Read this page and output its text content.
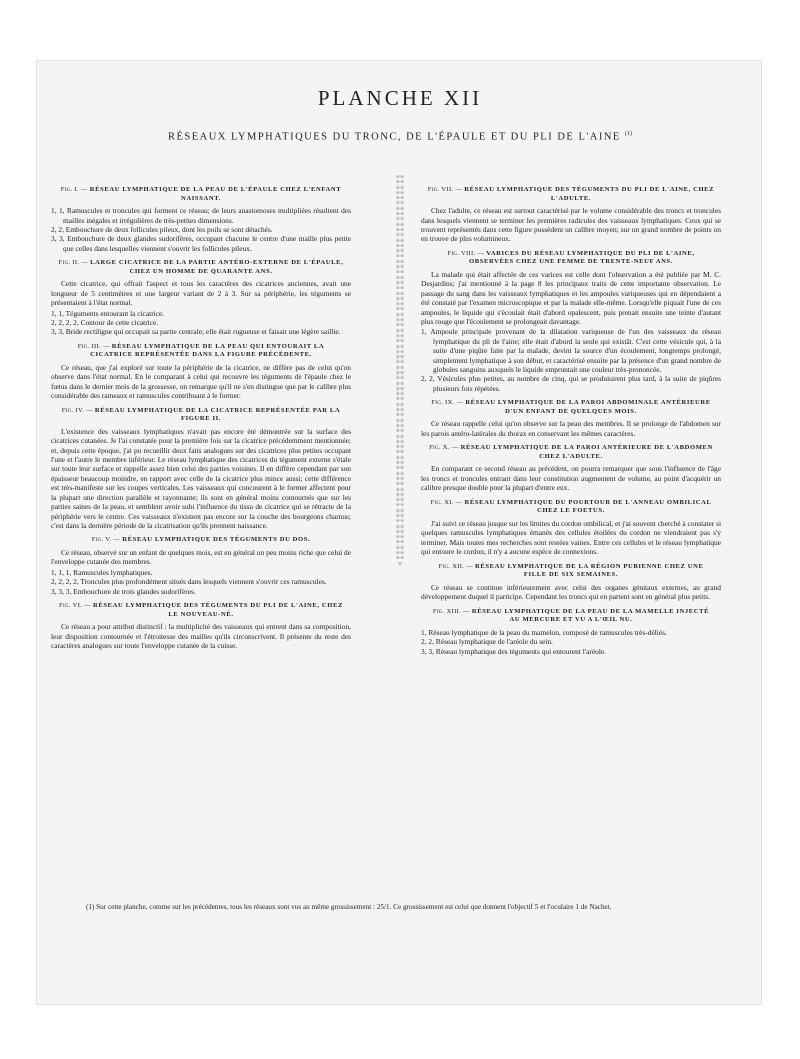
PLANCHE XII
RÉSEAUX LYMPHATIQUES DU TRONC, DE L'ÉPAULE ET DU PLI DE L'AINE $^{(1)}$
Fig. I. — RÉSEAU LYMPHATIQUE DE LA PEAU DE L'ÉPAULE CHEZ L'ENFANT NAISSANT.

1, 1, Ramuscules et troncules qui forment ce réseau; de leurs anastomoses multipliées résultent des mailles inégales et irrégulières de très-petites dimensions.

2, 2, Embouchure de deux follicules pileux, dont les poils se sont détachés.

3, 3, Embouchure de deux glandes sudorifères, occupant chacune le centre d'une maille plus petite que celles dans lesquelles viennent s'ouvrir les follicules pileux.

Fig. II. — LARGE CICATRICE DE LA PARTIE ANTÉRO-EXTERNE DE L'ÉPAULE, CHEZ UN HOMME DE QUARANTE ANS.

Cette cicatrice, qui offrait l'aspect et tous les caractères des cicatrices anciennes, avait une longueur de 5 centimètres et une largeur variant de 2 à 3. Sur sa périphérie, les téguments se présentaient à l'état normal.

1, 1, Téguments entourant la cicatrice.

2, 2, 2, 2, Contour de cette cicatrice.

3, 3, Bride rectiligne qui occupait sa partie centrale; elle était rugueuse et faisait une légère saillie.

Fig. III. — RÉSEAU LYMPHATIQUE DE LA PEAU QUI ENTOURAIT LA CICATRICE REPRÉSENTÉE DANS LA FIGURE PRÉCÉDENTE.

Ce réseau, que j'ai exploré sur toute la périphérie de la cicatrice, ne diffère pas de celui qu'on observe dans l'état normal. En le comparant à celui qui recouvre les téguments de l'épaule chez le fœtus dans le dernier mois de la grossesse, on remarque qu'il ne s'en distingue que par le calibre plus considérable des rameaux et ramuscules contribuant à le former.

Fig. IV. — RÉSEAU LYMPHATIQUE DE LA CICATRICE REPRÉSENTÉE PAR LA FIGURE II.

L'existence des vaisseaux lymphatiques n'avait pas encore été démontrée sur la surface des cicatrices cutanées. Je l'ai constatée pour la première fois sur la cicatrice précédemment mentionnée; et, depuis cette époque, j'ai pu recueillir deux faits analogues sur des cicatrices plus petites occupant l'une et l'autre le membre inférieur. Le réseau lymphatique des cicatrices du tégument externe s'étale sur toute leur surface et rappelle assez bien celui des parties voisines. Il en diffère cependant par son épaisseur beaucoup moindre, en rapport avec celle de la cicatrice plus mince aussi; cette différence est très-manifeste sur les coupes verticales. Les vaisseaux qui concourent à le former affectent pour la plupart une direction parallèle et rayonnante; ils sont en général moins contournés que sur les parties saines de la peau, et semblent avoir subi l'influence du tissu de cicatrice qui se rétracte de la périphérie vers le centre. Ces vaisseaux n'existent pas encore sur la couche des bourgeons charnus; c'est dans la dernière période de la cicatrisation qu'ils prennent naissance.

Fig. V. — RÉSEAU LYMPHATIQUE DES TÉGUMENTS DU DOS.

Ce réseau, observé sur un enfant de quelques mois, est en général un peu moins riche que celui de l'enveloppe cutanée des membres.

1, 1, 1, Ramuscules lymphatiques.

2, 2, 2, 2, Troncules plus profondément situés dans lesquels viennent s'ouvrir ces ramuscules.

3, 3, 3, Embouchure de trois glandes sudorifères.

Fig. VI. — RÉSEAU LYMPHATIQUE DES TÉGUMENTS DU PLI DE L'AINE, CHEZ LE NOUVEAU-NÉ.

Ce réseau a pour attribut distinctif : la multiplicité des vaisseaux qui entrent dans sa composition, leur disposition contournée et l'étroitesse des mailles qu'ils circonscrivent. Il présente du reste des caractères analogues sur toute l'enveloppe cutanée de la cuisse.

※※※※※※※※※※※※※※※※※※※※※※※※※※※※※※※※※※※※※※※※※※※※※※※※※※※※※※※※※※※※※※※※※※※※※※※※※※※※※※※※※※※※※※※※※※※※※※※※※※※※※※※※※※※※※※※※※※※※※※※※※※※※※※※※※※※※※※※※※※※※※※※※※※※
Fig. VII. — RÉSEAU LYMPHATIQUE DES TÉGUMENTS DU PLI DE L'AINE, CHEZ L'ADULTE.

Chez l'adulte, ce réseau est surtout caractérisé par le volume considérable des troncs et troncules dans lesquels viennent se terminer les premières radicules des vaisseaux lymphatiques. Ceux qui se trouvent représentés dans cette figure possèdent un calibre moyen; sur un grand nombre de points on en trouve de plus volumineux.

Fig. VIII. — VARICES DU RÉSEAU LYMPHATIQUE DU PLI DE L'AINE, OBSERVÉES CHEZ UNE FEMME DE TRENTE-NEUF ANS.

La malade qui était affectée de ces varices est celle dont l'observation a été publiée par M. C. Desjardins; j'ai mentionné à la page 8 les principaux traits de cette importante observation. Le passage du sang dans les vaisseaux lymphatiques et les ampoules variqueuses qui en dépendaient a été constaté par l'examen microscopique et par la malade elle-même. Lorsqu'elle piquait l'une de ces ampoules, le liquide qui s'écoulait était d'abord opalescent, puis prenait ensuite une teinte d'autant plus rouge que l'écoulement se prolongeait davantage.

1, Ampoule principale provenant de la dilatation variqueuse de l'un des vaisseaux du réseau lymphatique du pli de l'aine; elle était d'abord la seule qui existât. C'est cette vésicule qui, à la suite d'une piqûre faite par la malade, devint la source d'un écoulement, longtemps prolongé, simplement lymphatique à son début, et caractérisé ensuite par la présence d'un grand nombre de globules sanguins auxquels le liquide empruntait une couleur très-prononcée.

2, 2, Vésicules plus petites, au nombre de cinq, qui se produisirent plus tard, à la suite de piqûres plusieurs fois répétées.

Fig. IX. — RÉSEAU LYMPHATIQUE DE LA PAROI ABDOMINALE ANTÉRIEURE D'UN ENFANT DE QUELQUES MOIS.

Ce réseau rappelle celui qu'on observe sur la peau des membres. Il se prolonge de l'abdomen sur les parois antéro-latérales du thorax en conservant les mêmes caractères.

Fig. X. — RÉSEAU LYMPHATIQUE DE LA PAROI ANTÉRIEURE DE L'ABDOMEN CHEZ L'ADULTE.

En comparant ce second réseau au précédent, on pourra remarquer que sous l'influence de l'âge les troncs et troncules entrant dans leur constitution augmentent de volume, au point d'acquérir un calibre presque double pour la plupart d'entre eux.

Fig. XI. — RÉSEAU LYMPHATIQUE DU POURTOUR DE L'ANNEAU OMBILICAL CHEZ LE FOETUS.

J'ai suivi ce réseau jusque sur les limites du cordon ombilical, et j'ai souvent cherché à constater si quelques ramuscules lymphatiques émanés des cellules étoilées du cordon ne viendraient pas s'y terminer. Mais toutes mes recherches sont restées vaines. Entre ces cellules et le réseau lymphatique qui entoure le cordon, il n'y a aucune espèce de connexions.

Fig. XII. — RÉSEAU LYMPHATIQUE DE LA RÉGION PUBIENNE CHEZ UNE FILLE DE SIX SEMAINES.

Ce réseau se continue inférieurement avec celui des organes génitaux externes, au grand développement duquel il participe. Cependant les troncs qui en partent sont en général plus petits.

Fig. XIII. — RÉSEAU LYMPHATIQUE DE LA PEAU DE LA MAMELLE INJECTÉ AU MERCURE ET VU A L'ŒIL NU.

1, Réseau lymphatique de la peau du mamelon, composé de ramuscules très-déliés.

2, 2, Réseau lymphatique de l'aréole du sein.

3, 3, Réseau lymphatique des téguments qui entourent l'aréole.

(1) Sur cette planche, comme sur les précédentes, tous les réseaux sont vus au même grossissement : 25/1. Ce grossissement est celui que donnent l'objectif 5 et l'oculaire 1 de Nachet.
